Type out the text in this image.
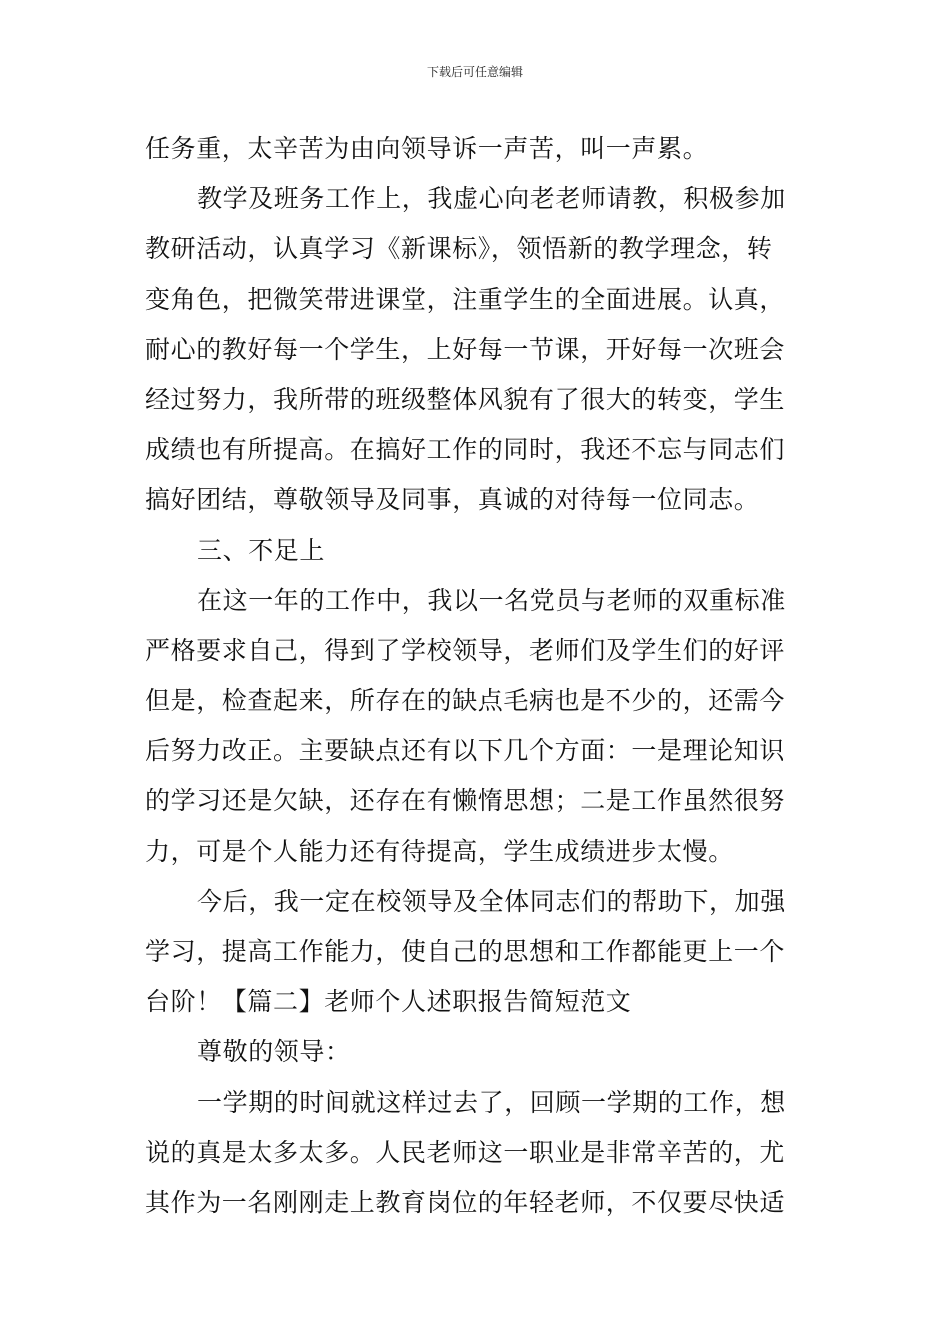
下载后可任意编辑
任务重，太辛苦为由向领导诉一声苦，叫一声累。
教学及班务工作上，我虚心向老老师请教，积极参加
教研活动，认真学习《新课标》，领悟新的教学理念，转
变角色，把微笑带进课堂，注重学生的全面进展。认真，
耐心的教好每一个学生，上好每一节课，开好每一次班会
经过努力，我所带的班级整体风貌有了很大的转变，学生
成绩也有所提高。在搞好工作的同时，我还不忘与同志们
搞好团结，尊敬领导及同事，真诚的对待每一位同志。
三、不足上
在这一年的工作中，我以一名党员与老师的双重标准
严格要求自己，得到了学校领导，老师们及学生们的好评
但是，检查起来，所存在的缺点毛病也是不少的，还需今
后努力改正。主要缺点还有以下几个方面：一是理论知识
的学习还是欠缺，还存在有懒惰思想；二是工作虽然很努
力，可是个人能力还有待提高，学生成绩进步太慢。
今后，我一定在校领导及全体同志们的帮助下，加强
学习，提高工作能力，使自己的思想和工作都能更上一个
台阶！【篇二】老师个人述职报告简短范文
尊敬的领导：
一学期的时间就这样过去了，回顾一学期的工作，想
说的真是太多太多。人民老师这一职业是非常辛苦的，尤
其作为一名刚刚走上教育岗位的年轻老师，不仅要尽快适
